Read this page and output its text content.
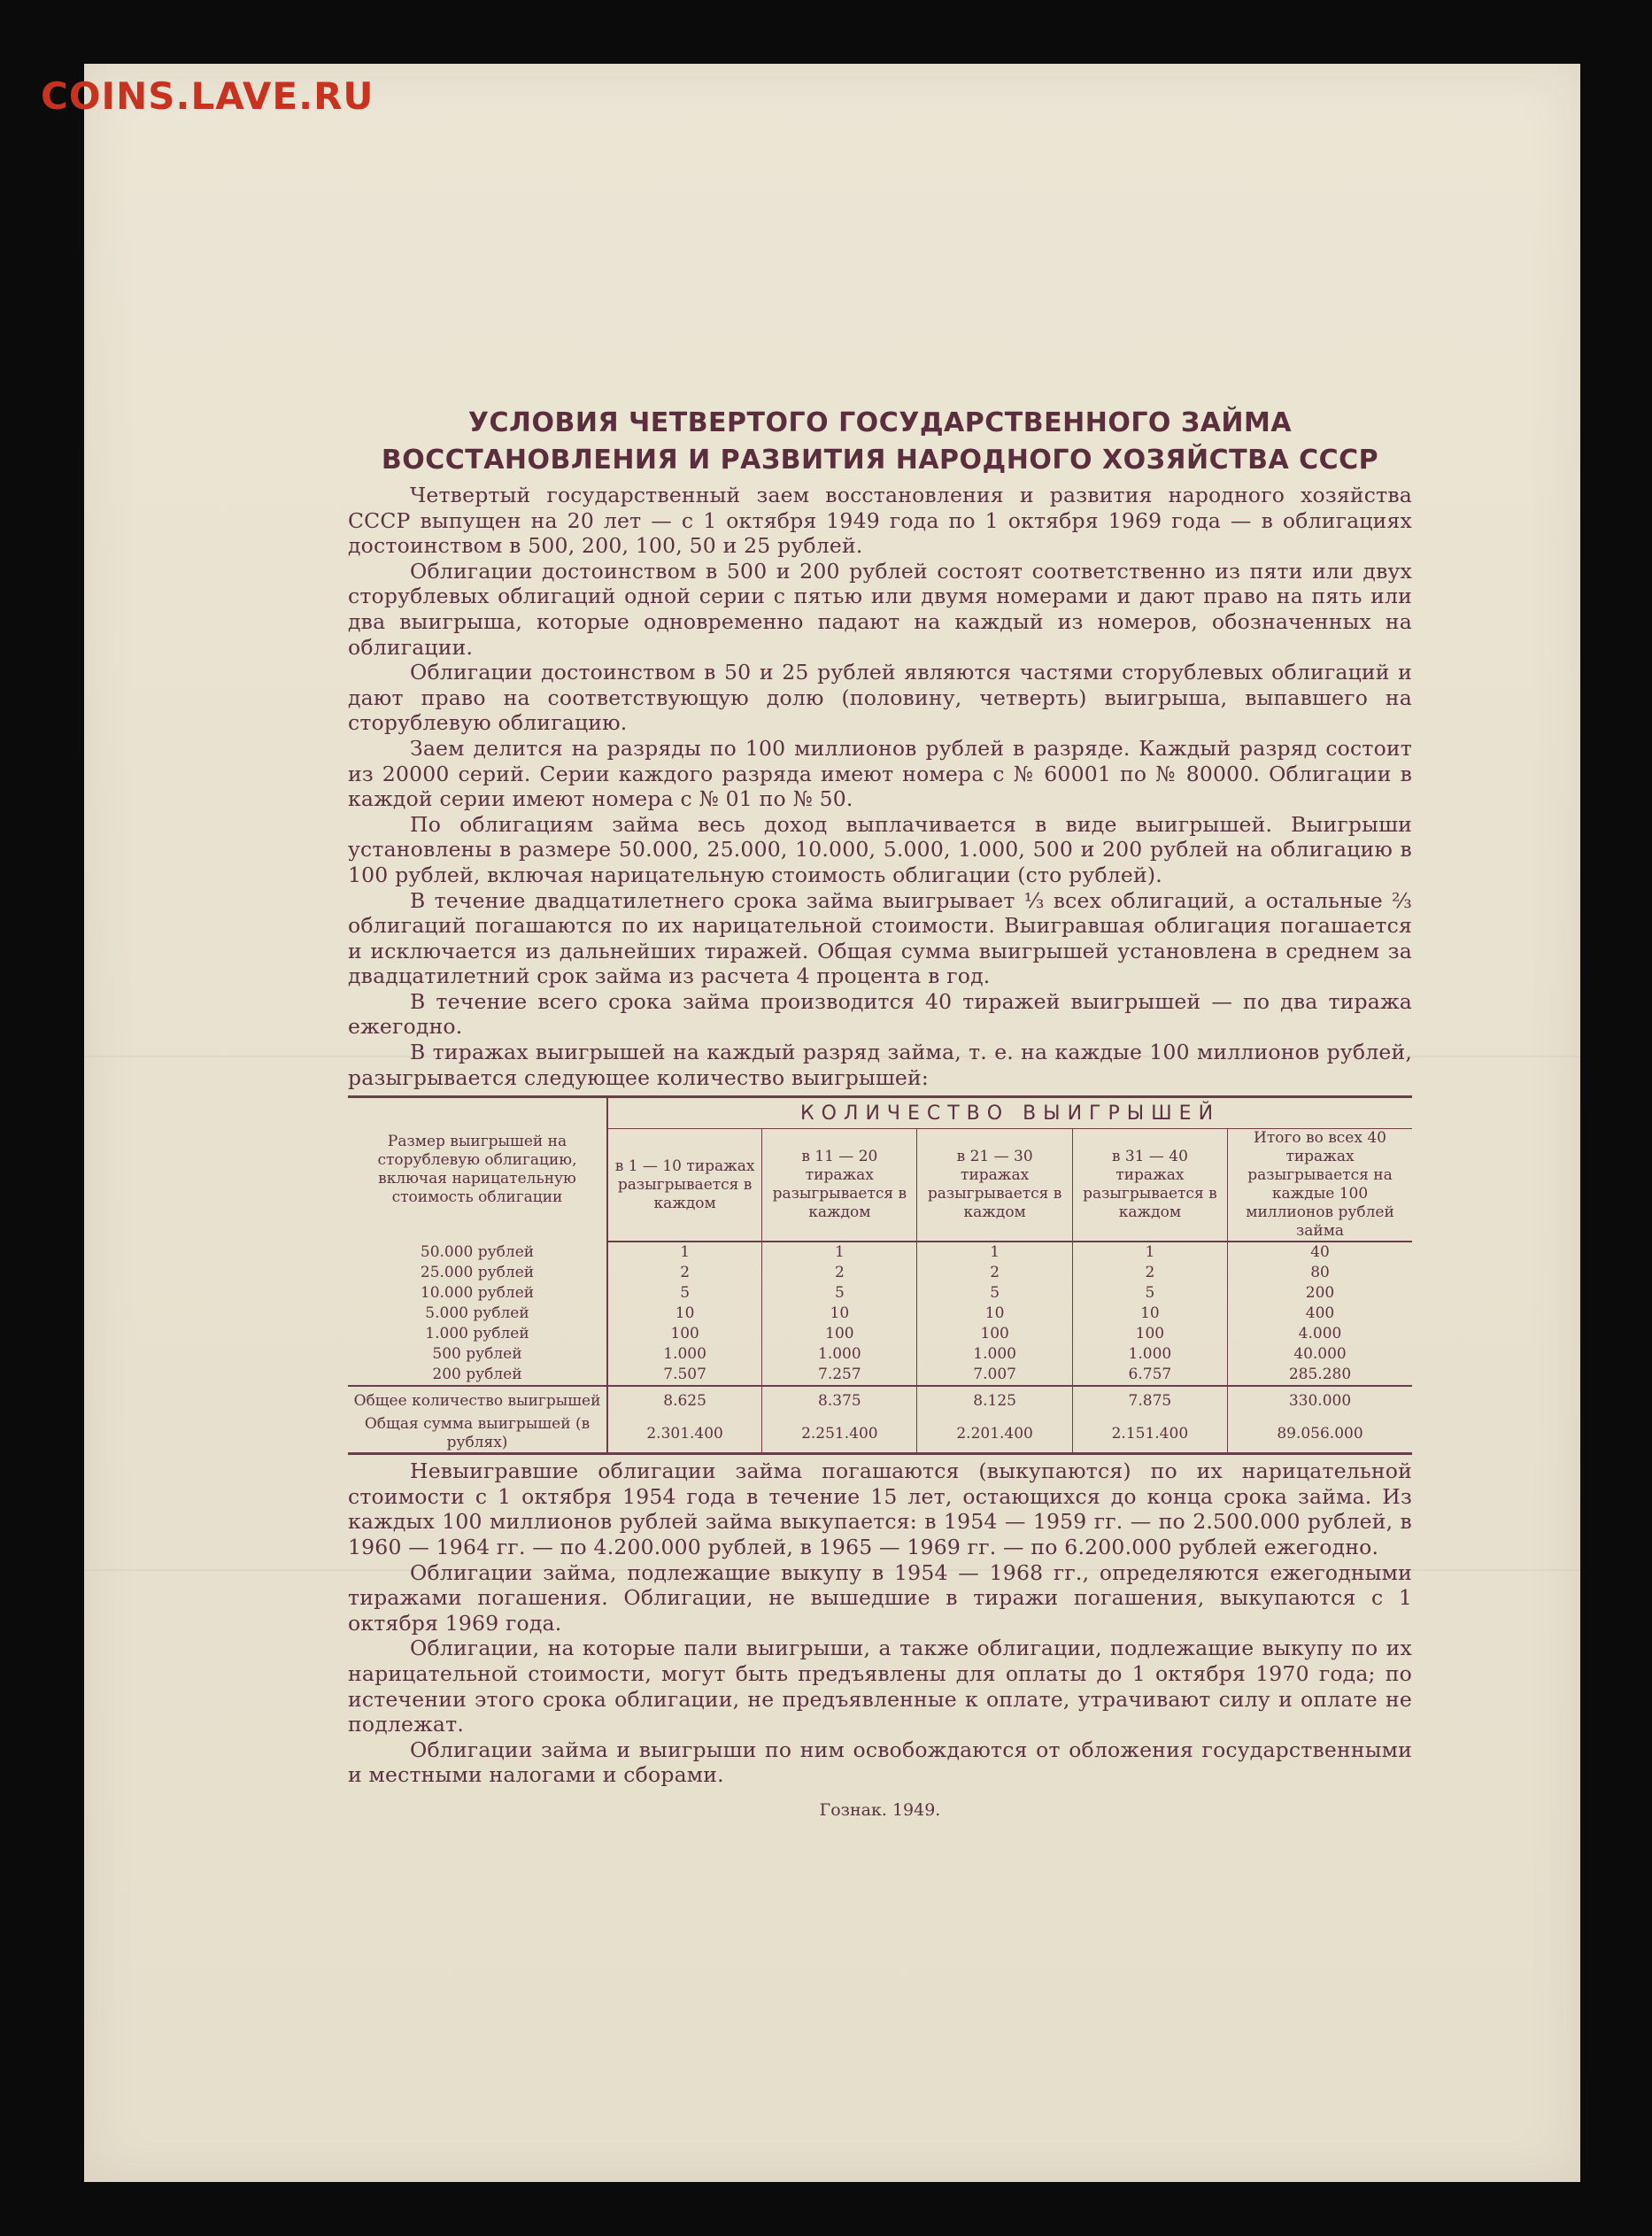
COINS.LAVE.RU
УСЛОВИЯ ЧЕТВЕРТОГО ГОСУДАРСТВЕННОГО ЗАЙМА
ВОССТАНОВЛЕНИЯ И РАЗВИТИЯ НАРОДНОГО ХОЗЯЙСТВА СССР

Четвертый государственный заем восстановления и развития народного хозяйства СССР выпущен на 20 лет — с 1 октября 1949 года по 1 октября 1969 года — в облигациях достоинством в 500, 200, 100, 50 и 25 рублей.

Облигации достоинством в 500 и 200 рублей состоят соответственно из пяти или двух сторублевых облигаций одной серии с пятью или двумя номерами и дают право на пять или два выигрыша, которые одновременно падают на каждый из номеров, обозначенных на облигации.

Облигации достоинством в 50 и 25 рублей являются частями сторублевых облигаций и дают право на соответствующую долю (половину, четверть) выигрыша, выпавшего на сторублевую облигацию.

Заем делится на разряды по 100 миллионов рублей в разряде. Каждый разряд состоит из 20000 серий. Серии каждого разряда имеют номера с № 60001 по № 80000. Облигации в каждой серии имеют номера с № 01 по № 50.

По облигациям займа весь доход выплачивается в виде выигрышей. Выигрыши установлены в размере 50.000, 25.000, 10.000, 5.000, 1.000, 500 и 200 рублей на облигацию в 100 рублей, включая нарицательную стоимость облигации (сто рублей).

В течение двадцатилетнего срока займа выигрывает ⅓ всех облигаций, а остальные ⅔ облигаций погашаются по их нарицательной стоимости. Выигравшая облигация погашается и исключается из дальнейших тиражей. Общая сумма выигрышей установлена в среднем за двадцатилетний срок займа из расчета 4 процента в год.

В течение всего срока займа производится 40 тиражей выигрышей — по два тиража ежегодно.

В тиражах выигрышей на каждый разряд займа, т. е. на каждые 100 миллионов рублей, разыгрывается следующее количество выигрышей:

Размер выигрышей на сторублевую облигацию, включая нарицательную стоимость облигации	КОЛИЧЕСТВО ВЫИГРЫШЕЙ				
	в 1 — 10 тиражах разыгрывается в каждом	в 11 — 20 тиражах разыгрывается в каждом	в 21 — 30 тиражах разыгрывается в каждом	в 31 — 40 тиражах разыгрывается в каждом	Итого во всех 40 тиражах разыгрывается на каждые 100 миллионов рублей займа
50.000 рублей	1	1	1	1	40
25.000 рублей	2	2	2	2	80
10.000 рублей	5	5	5	5	200
5.000 рублей	10	10	10	10	400
1.000 рублей	100	100	100	100	4.000
500 рублей	1.000	1.000	1.000	1.000	40.000
200 рублей	7.507	7.257	7.007	6.757	285.280
Общее количество выигрышей	8.625	8.375	8.125	7.875	330.000
Общая сумма выигрышей (в рублях)	2.301.400	2.251.400	2.201.400	2.151.400	89.056.000

Невыигравшие облигации займа погашаются (выкупаются) по их нарицательной стоимости с 1 октября 1954 года в течение 15 лет, остающихся до конца срока займа. Из каждых 100 миллионов рублей займа выкупается: в 1954 — 1959 гг. — по 2.500.000 рублей, в 1960 — 1964 гг. — по 4.200.000 рублей, в 1965 — 1969 гг. — по 6.200.000 рублей ежегодно.

Облигации займа, подлежащие выкупу в 1954 — 1968 гг., определяются ежегодными тиражами погашения. Облигации, не вышедшие в тиражи погашения, выкупаются с 1 октября 1969 года.

Облигации, на которые пали выигрыши, а также облигации, подлежащие выкупу по их нарицательной стоимости, могут быть предъявлены для оплаты до 1 октября 1970 года; по истечении этого срока облигации, не предъявленные к оплате, утрачивают силу и оплате не подлежат.

Облигации займа и выигрыши по ним освобождаются от обложения государственными и местными налогами и сборами.

Гознак. 1949.
